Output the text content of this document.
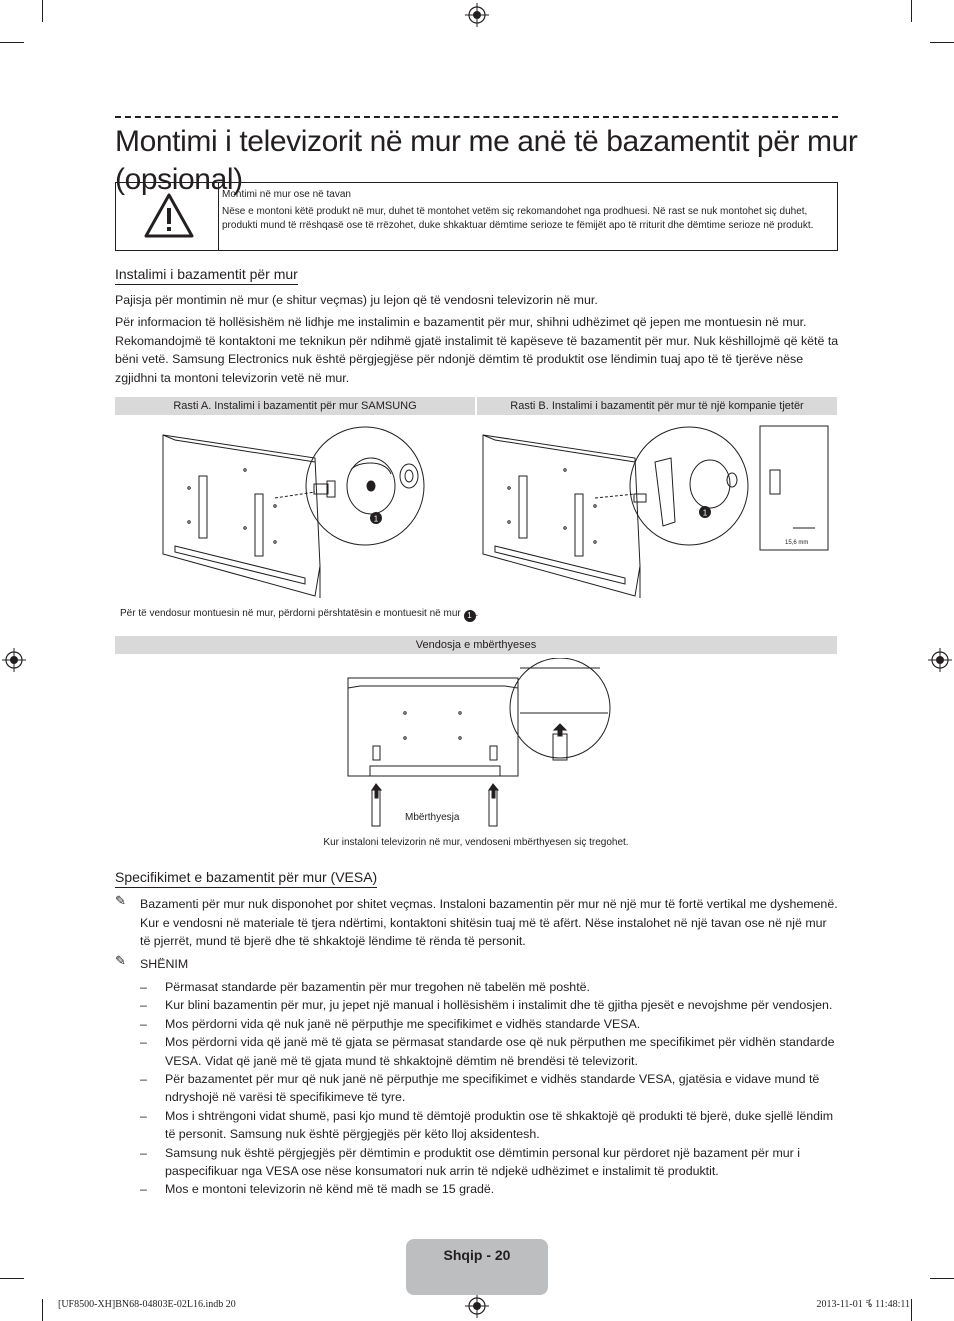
Montimi i televizorit në mur me anë të bazamentit për mur (opsional)
Montimi në mur ose në tavan
Nëse e montoni këtë produkt në mur, duhet të montohet vetëm siç rekomandohet nga prodhuesi. Në rast se nuk montohet siç duhet, produkti mund të rrëshqasë ose të rrëzohet, duke shkaktuar dëmtime serioze te fëmijët apo të rriturit dhe dëmtime serioze në produkt.
Instalimi i bazamentit për mur
Pajisja për montimin në mur (e shitur veçmas) ju lejon që të vendosni televizorin në mur.
Për informacion të hollësishëm në lidhje me instalimin e bazamentit për mur, shihni udhëzimet që jepen me montuesin në mur. Rekomandojmë të kontaktoni me teknikun për ndihmë gjatë instalimit të kapëseve të bazamentit për mur. Nuk këshillojmë që këtë ta bëni vetë. Samsung Electronics nuk është përgjegjëse për ndonjë dëmtim të produktit ose lëndimin tuaj apo të të tjerëve nëse zgjidhni ta montoni televizorin vetë në mur.
Rasti A. Instalimi i bazamentit për mur SAMSUNG	Rasti B. Instalimi i bazamentit për mur të një kompanie tjetër
1
1
15,6 mm
Për të vendosur montuesin në mur, përdorni përshtatësin e montuesit në mur 1 .
Vendosja e mbërthyeses
Mbërthyesja
Kur instaloni televizorin në mur, vendoseni mbërthyesen siç tregohet.
Specifikimet e bazamentit për mur (VESA)
✎ Bazamenti për mur nuk disponohet por shitet veçmas. Instaloni bazamentin për mur në një mur të fortë vertikal me dyshemenë. Kur e vendosni në materiale të tjera ndërtimi, kontaktoni shitësin tuaj më të afërt. Nëse instalohet në një tavan ose në një mur të pjerrët, mund të bjerë dhe të shkaktojë lëndime të rënda të personit.
✎ SHËNIM
– Përmasat standarde për bazamentin për mur tregohen në tabelën më poshtë.
– Kur blini bazamentin për mur, ju jepet një manual i hollësishëm i instalimit dhe të gjitha pjesët e nevojshme për vendosjen.
– Mos përdorni vida që nuk janë në përputhje me specifikimet e vidhës standarde VESA.
– Mos përdorni vida që janë më të gjata se përmasat standarde ose që nuk përputhen me specifikimet për vidhën standarde VESA. Vidat që janë më të gjata mund të shkaktojnë dëmtim në brendësi të televizorit.
– Për bazamentet për mur që nuk janë në përputhje me specifikimet e vidhës standarde VESA, gjatësia e vidave mund të ndryshojë në varësi të specifikimeve të tyre.
– Mos i shtrëngoni vidat shumë, pasi kjo mund të dëmtojë produktin ose të shkaktojë që produkti të bjerë, duke sjellë lëndim të personit. Samsung nuk është përgjegjës për këto lloj aksidentesh.
– Samsung nuk është përgjegjës për dëmtimin e produktit ose dëmtimin personal kur përdoret një bazament për mur i paspecifikuar nga VESA ose nëse konsumatori nuk arrin të ndjekë udhëzimet e instalimit të produktit.
– Mos e montoni televizorin në kënd më të madh se 15 gradë.
Shqip - 20
[UF8500-XH]BN68-04803E-02L16.indb 20	2013-11-01 ꕦ 11:48:11
